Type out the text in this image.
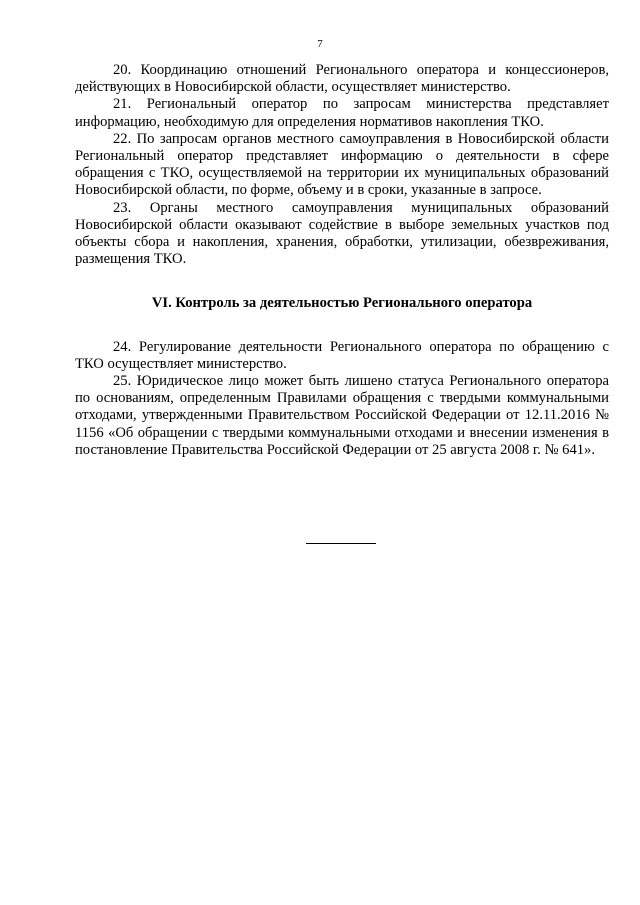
7

20. Координацию отношений Регионального оператора и концессионеров, действующих в Новосибирской области, осуществляет министерство.

21. Региональный оператор по запросам министерства представляет информацию, необходимую для определения нормативов накопления ТКО.

22. По запросам органов местного самоуправления в Новосибирской области Региональный оператор представляет информацию о деятельности в сфере обращения с ТКО, осуществляемой на территории их муниципальных образований Новосибирской области, по форме, объему и в сроки, указанные в запросе.

23. Органы местного самоуправления муниципальных образований Новосибирской области оказывают содействие в выборе земельных участков под объекты сбора и накопления, хранения, обработки, утилизации, обезвреживания, размещения ТКО.

VI. Контроль за деятельностью Регионального оператора

24. Регулирование деятельности Регионального оператора по обращению с ТКО осуществляет министерство.

25. Юридическое лицо может быть лишено статуса Регионального оператора по основаниям, определенным Правилами обращения с твердыми коммунальными отходами, утвержденными Правительством Российской Федерации от 12.11.2016 № 1156 «Об обращении с твердыми коммунальными отходами и внесении изменения в постановление Правительства Российской Федерации от 25 августа 2008 г. № 641».
